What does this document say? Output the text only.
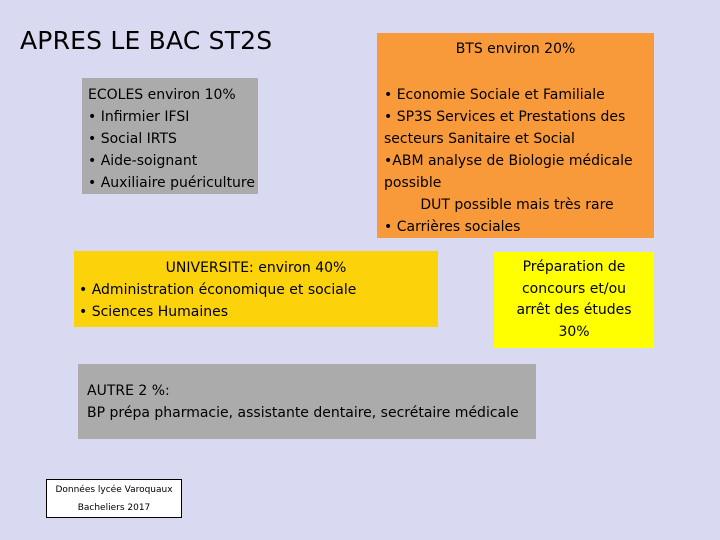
APRES LE BAC ST2S
ECOLES environ 10%
• Infirmier IFSI
• Social IRTS
• Aide-soignant
• Auxiliaire puériculture
BTS environ 20%
• Economie Sociale et Familiale
• SP3S Services et Prestations des
secteurs Sanitaire et Social
•ABM analyse de Biologie médicale
possible
DUT possible mais très rare
• Carrières sociales
UNIVERSITE: environ 40%
• Administration économique et sociale
• Sciences Humaines
Préparation de
concours et/ou
arrêt des études
30%
AUTRE 2 %:
BP prépa pharmacie, assistante dentaire, secrétaire médicale
Données lycée Varoquaux
Bacheliers 2017
